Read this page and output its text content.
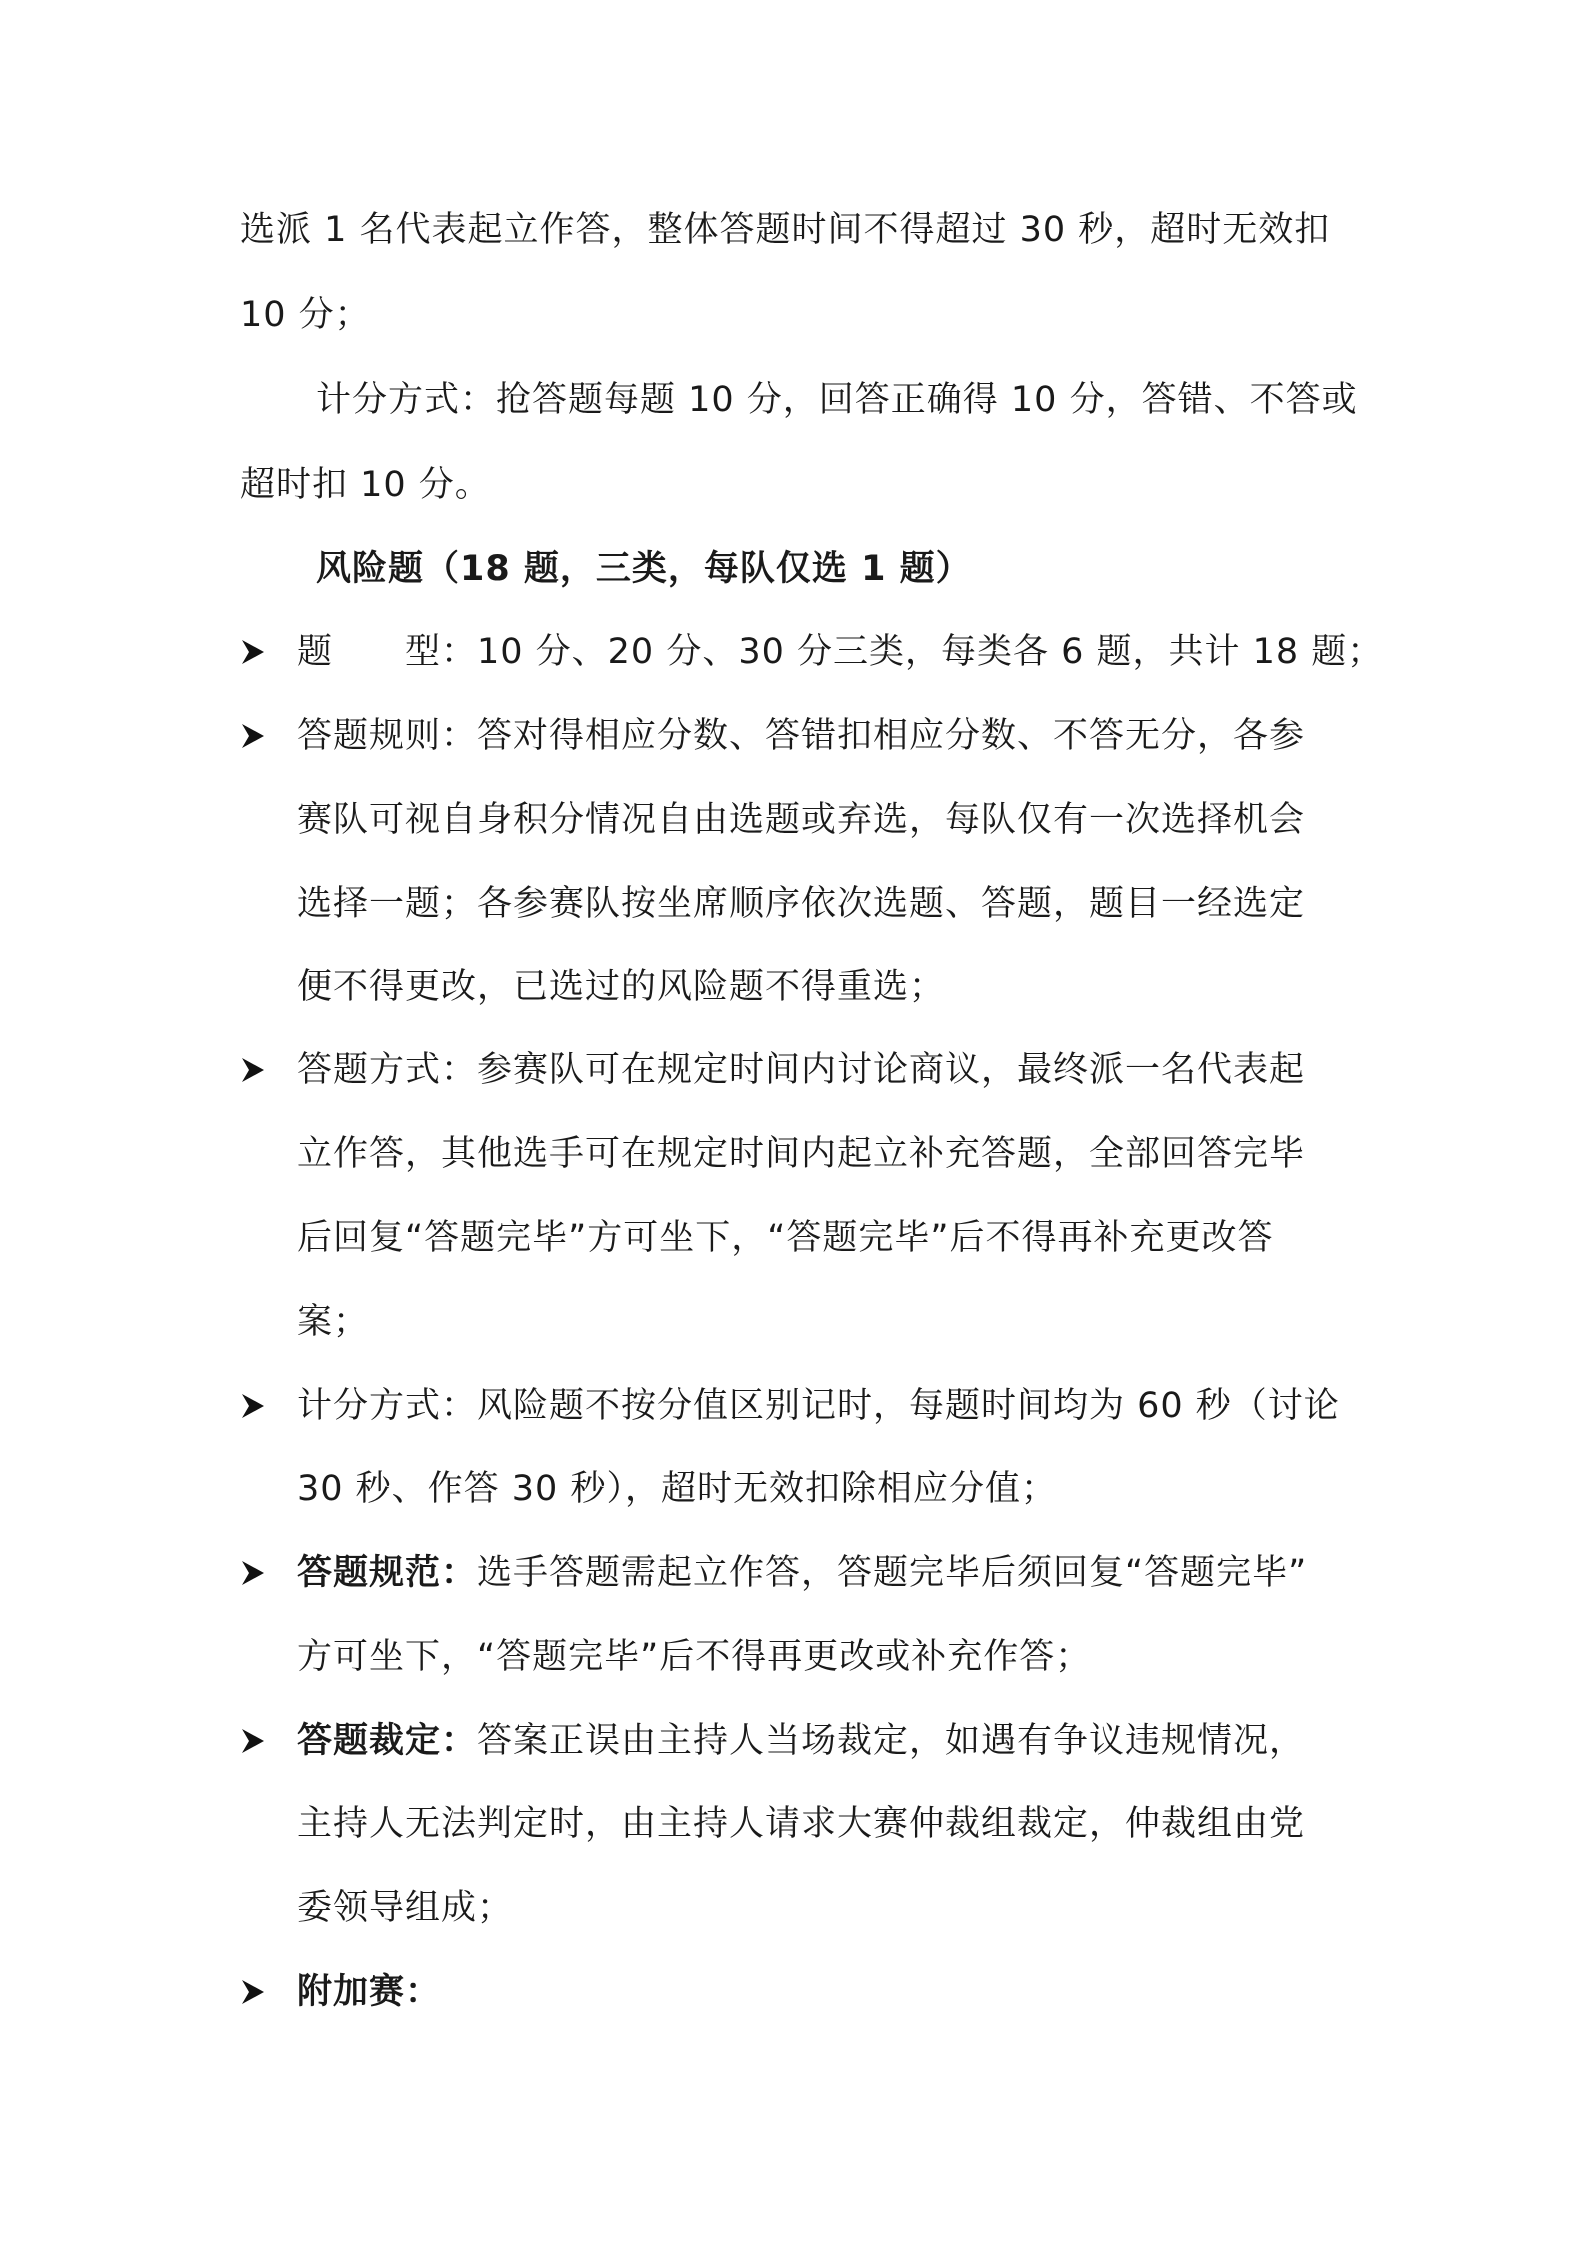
选派 1 名代表起立作答，整体答题时间不得超过 30 秒，超时无效扣
10 分；
计分方式：抢答题每题 10 分，回答正确得 10 分，答错、不答或
超时扣 10 分。
风险题（18 题，三类，每队仅选 1 题）
题　　型：10 分、20 分、30 分三类，每类各 6 题，共计 18 题；
答题规则：答对得相应分数、答错扣相应分数、不答无分，各参
赛队可视自身积分情况自由选题或弃选，每队仅有一次选择机会
选择一题；各参赛队按坐席顺序依次选题、答题，题目一经选定
便不得更改，已选过的风险题不得重选；
答题方式：参赛队可在规定时间内讨论商议，最终派一名代表起
立作答，其他选手可在规定时间内起立补充答题，全部回答完毕
后回复“答题完毕”方可坐下，“答题完毕”后不得再补充更改答
案；
计分方式：风险题不按分值区别记时，每题时间均为 60 秒（讨论
30 秒、作答 30 秒），超时无效扣除相应分值；
答题规范：选手答题需起立作答，答题完毕后须回复“答题完毕”
方可坐下，“答题完毕”后不得再更改或补充作答；
答题裁定：答案正误由主持人当场裁定，如遇有争议违规情况，
主持人无法判定时，由主持人请求大赛仲裁组裁定，仲裁组由党
委领导组成；
附加赛：
